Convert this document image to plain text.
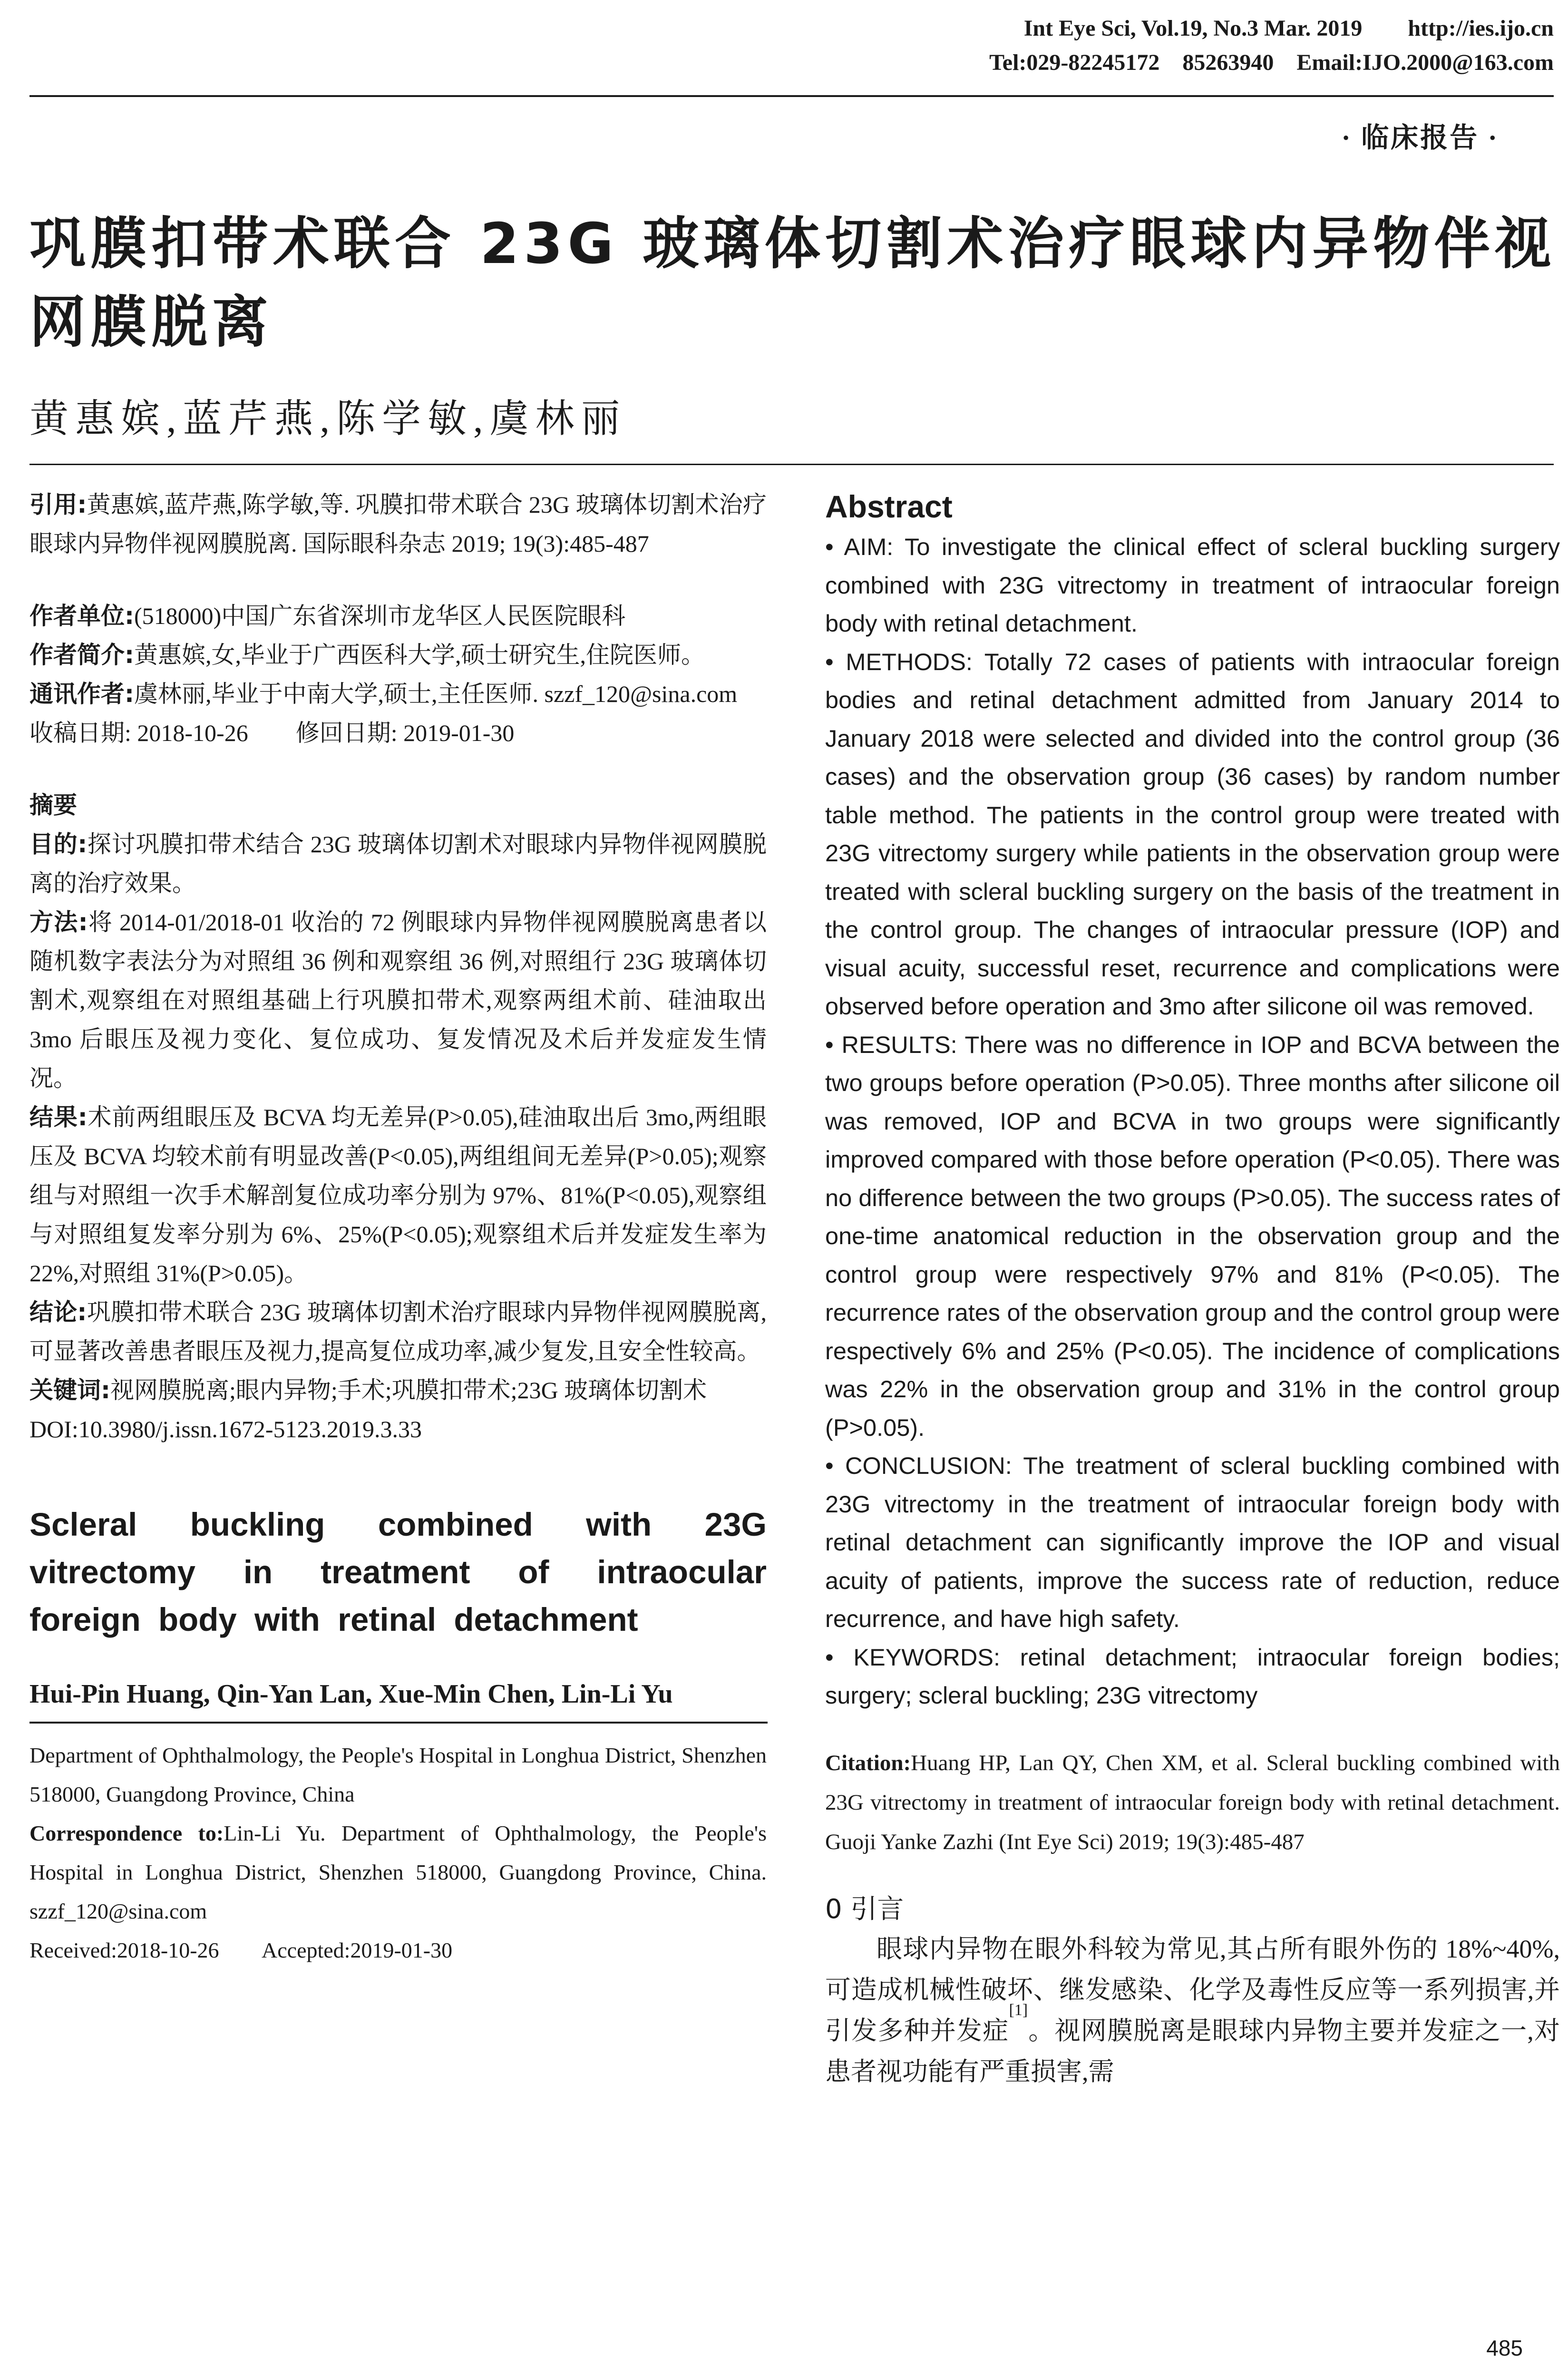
Int Eye Sci, Vol.19, No.3 Mar. 2019        http://ies.ijo.cn
Tel:029-82245172    85263940    Email:IJO.2000@163.com
· 临床报告 ·
巩膜扣带术联合 23G 玻璃体切割术治疗眼球内异物伴视网膜脱离
黄惠嫔,蓝芹燕,陈学敏,虞林丽

引用:黄惠嫔,蓝芹燕,陈学敏,等. 巩膜扣带术联合 23G 玻璃体切割术治疗眼球内异物伴视网膜脱离. 国际眼科杂志 2019; 19(3):485-487

作者单位:(518000)中国广东省深圳市龙华区人民医院眼科

作者简介:黄惠嫔,女,毕业于广西医科大学,硕士研究生,住院医师。

通讯作者:虞林丽,毕业于中南大学,硕士,主任医师. szzf_120@sina.com

收稿日期: 2018-10-26        修回日期: 2019-01-30

摘要

目的:探讨巩膜扣带术结合 23G 玻璃体切割术对眼球内异物伴视网膜脱离的治疗效果。

方法:将 2014-01/2018-01 收治的 72 例眼球内异物伴视网膜脱离患者以随机数字表法分为对照组 36 例和观察组 36 例,对照组行 23G 玻璃体切割术,观察组在对照组基础上行巩膜扣带术,观察两组术前、硅油取出 3mo 后眼压及视力变化、复位成功、复发情况及术后并发症发生情况。

结果:术前两组眼压及 BCVA 均无差异(P>0.05),硅油取出后 3mo,两组眼压及 BCVA 均较术前有明显改善(P<0.05),两组组间无差异(P>0.05);观察组与对照组一次手术解剖复位成功率分别为 97%、81%(P<0.05),观察组与对照组复发率分别为 6%、25%(P<0.05);观察组术后并发症发生率为 22%,对照组 31%(P>0.05)。

结论:巩膜扣带术联合 23G 玻璃体切割术治疗眼球内异物伴视网膜脱离,可显著改善患者眼压及视力,提高复位成功率,减少复发,且安全性较高。

关键词:视网膜脱离;眼内异物;手术;巩膜扣带术;23G 玻璃体切割术

DOI:10.3980/j.issn.1672-5123.2019.3.33

Scleral buckling combined with 23G vitrectomy in treatment of intraocular foreign body with retinal detachment
Hui-Pin Huang, Qin-Yan Lan, Xue-Min Chen, Lin-Li Yu

Department of Ophthalmology, the People's Hospital in Longhua District, Shenzhen 518000, Guangdong Province, China

Correspondence to:Lin-Li Yu. Department of Ophthalmology, the People's Hospital in Longhua District, Shenzhen 518000, Guangdong Province, China. szzf_120@sina.com

Received:2018-10-26        Accepted:2019-01-30

Abstract

• AIM: To investigate the clinical effect of scleral buckling surgery combined with 23G vitrectomy in treatment of intraocular foreign body with retinal detachment.

• METHODS: Totally 72 cases of patients with intraocular foreign bodies and retinal detachment admitted from January 2014 to January 2018 were selected and divided into the control group (36 cases) and the observation group (36 cases) by random number table method. The patients in the control group were treated with 23G vitrectomy surgery while patients in the observation group were treated with scleral buckling surgery on the basis of the treatment in the control group. The changes of intraocular pressure (IOP) and visual acuity, successful reset, recurrence and complications were observed before operation and 3mo after silicone oil was removed.

• RESULTS: There was no difference in IOP and BCVA between the two groups before operation (P>0.05). Three months after silicone oil was removed, IOP and BCVA in two groups were significantly improved compared with those before operation (P<0.05). There was no difference between the two groups (P>0.05). The success rates of one-time anatomical reduction in the observation group and the control group were respectively 97% and 81% (P<0.05). The recurrence rates of the observation group and the control group were respectively 6% and 25% (P<0.05). The incidence of complications was 22% in the observation group and 31% in the control group (P>0.05).

• CONCLUSION: The treatment of scleral buckling combined with 23G vitrectomy in the treatment of intraocular foreign body with retinal detachment can significantly improve the IOP and visual acuity of patients, improve the success rate of reduction, reduce recurrence, and have high safety.

• KEYWORDS: retinal detachment; intraocular foreign bodies; surgery; scleral buckling; 23G vitrectomy

Citation:Huang HP, Lan QY, Chen XM, et al. Scleral buckling combined with 23G vitrectomy in treatment of intraocular foreign body with retinal detachment. Guoji Yanke Zazhi (Int Eye Sci) 2019; 19(3):485-487

0 引言

眼球内异物在眼外科较为常见,其占所有眼外伤的 18%~40%,可造成机械性破坏、继发感染、化学及毒性反应等一系列损害,并引发多种并发症[1]。视网膜脱离是眼球内异物主要并发症之一,对患者视功能有严重损害,需

485
